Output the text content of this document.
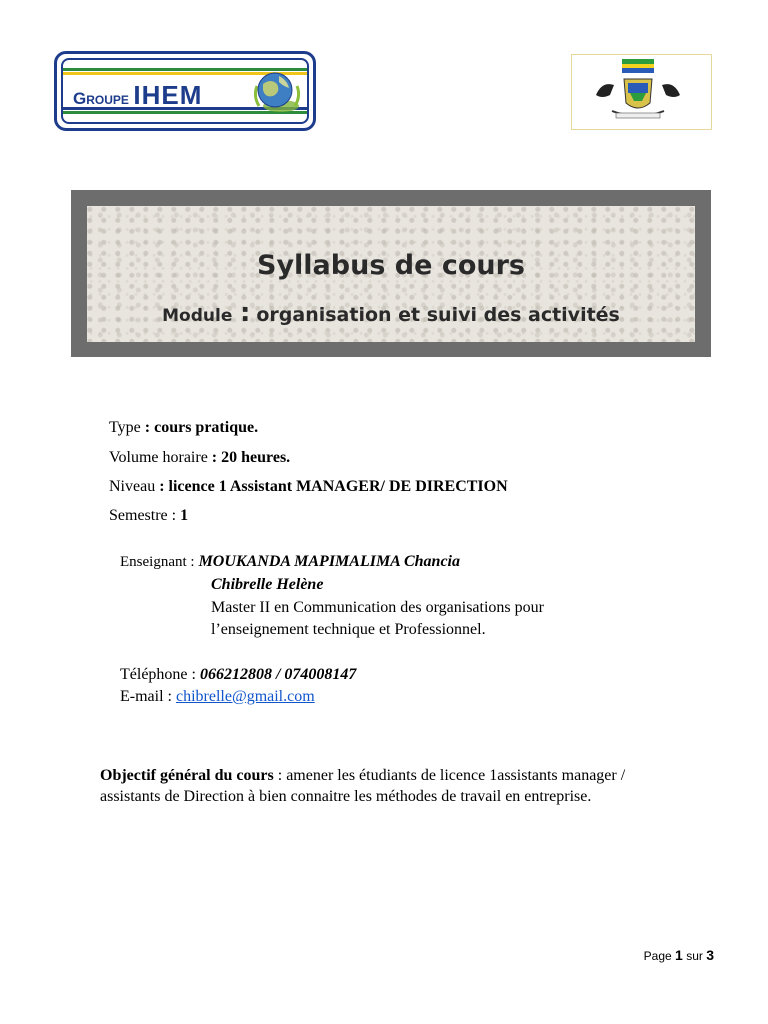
Groupe IHEM
Syllabus de cours
Module : organisation et suivi des activités
Type : cours pratique.
Volume horaire : 20 heures.
Niveau : licence 1 Assistant MANAGER/ DE DIRECTION
Semestre : 1
Enseignant : MOUKANDA MAPIMALIMA Chancia
Chibrelle Helène
Master II en Communication des organisations pour
l’enseignement technique et Professionnel.
Téléphone : 066212808 / 074008147
E-mail : chibrelle@gmail.com
Objectif général du cours : amener les étudiants de licence 1assistants manager / assistants de Direction à bien connaitre les méthodes de travail en entreprise.
Page 1 sur 3
